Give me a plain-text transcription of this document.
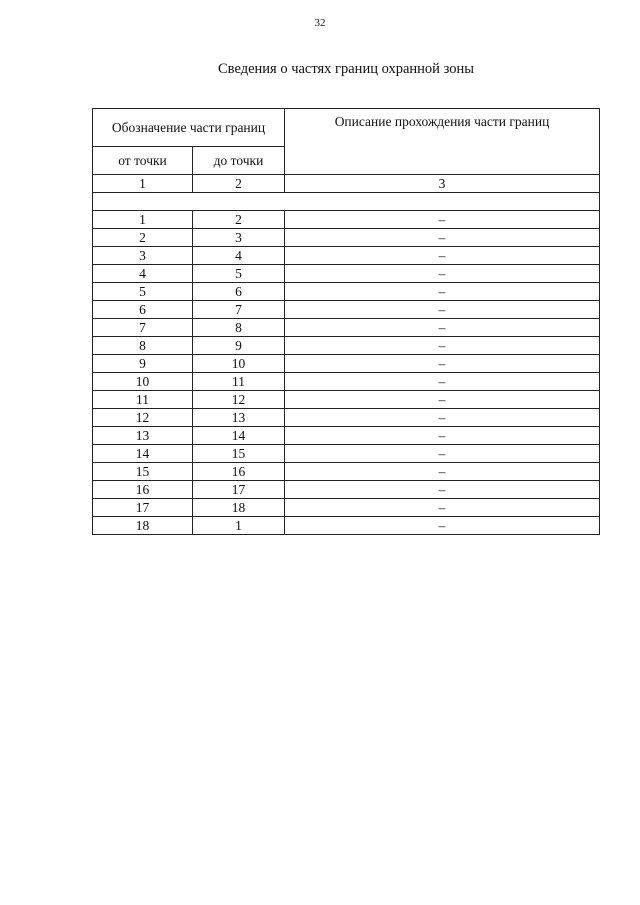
32
Сведения о частях границ охранной зоны
Обозначение части границ		Описание прохождения части границ
от точки	до точки	
1	2	3

1	2	–
2	3	–
3	4	–
4	5	–
5	6	–
6	7	–
7	8	–
8	9	–
9	10	–
10	11	–
11	12	–
12	13	–
13	14	–
14	15	–
15	16	–
16	17	–
17	18	–
18	1	–
